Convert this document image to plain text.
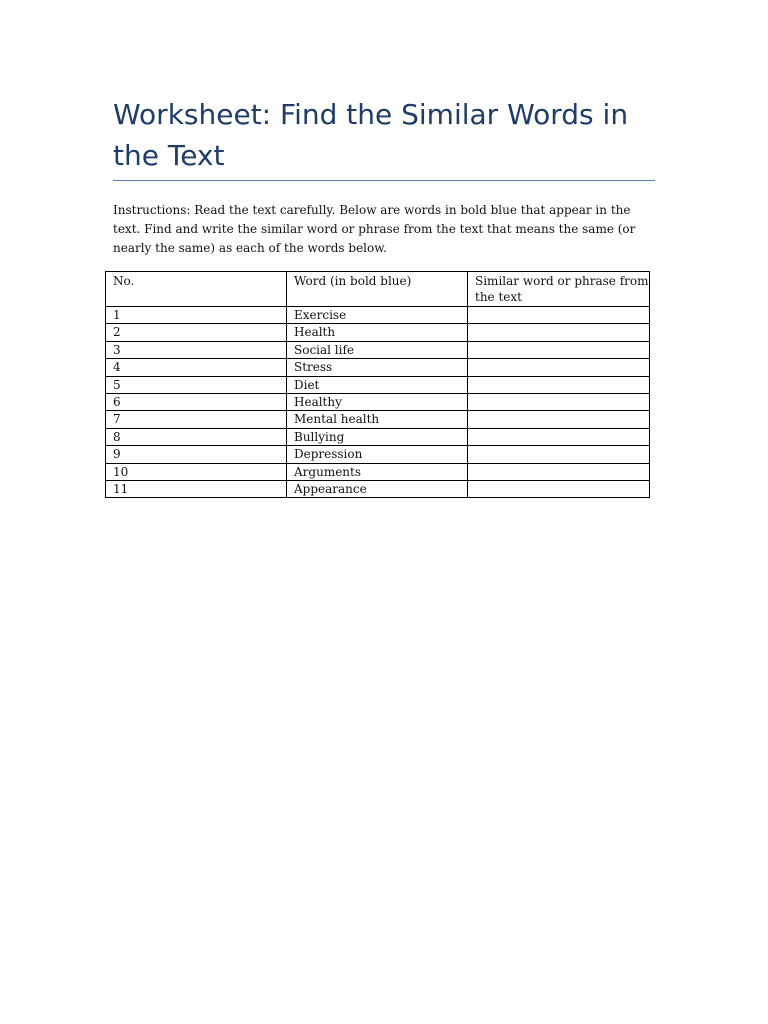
Worksheet: Find the Similar Words in the Text

Instructions: Read the text carefully. Below are words in bold blue that appear in the text. Find and write the similar word or phrase from the text that means the same (or nearly the same) as each of the words below.

No.	Word (in bold blue)	Similar word or phrase from the text
1	Exercise	
2	Health	
3	Social life	
4	Stress	
5	Diet	
6	Healthy	
7	Mental health	
8	Bullying	
9	Depression	
10	Arguments	
11	Appearance	
